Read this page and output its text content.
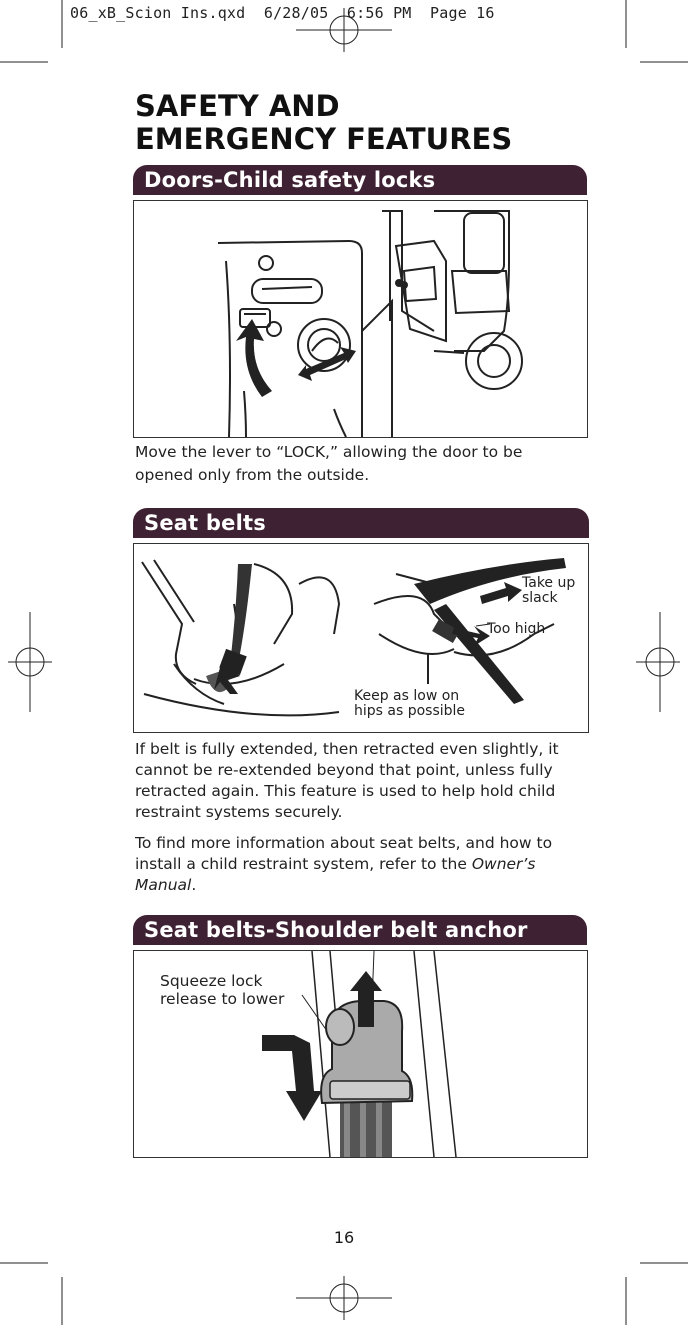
06_xB_Scion Ins.qxd  6/28/05  6:56 PM  Page 16
SAFETY AND
EMERGENCY FEATURES
Doors-Child safety locks

Move the lever to “LOCK,” allowing the door to be opened only from the outside.

Seat belts
Take up
slack
Too high
Keep as low on
hips as possible

If belt is fully extended, then retracted even slightly, it cannot be re-extended beyond that point, unless fully retracted again. This feature is used to help hold child restraint systems securely.

To find more information about seat belts, and how to install a child restraint system, refer to the Owner’s Manual.

Seat belts-Shoulder belt anchor
Squeeze lock
release to lower
16
